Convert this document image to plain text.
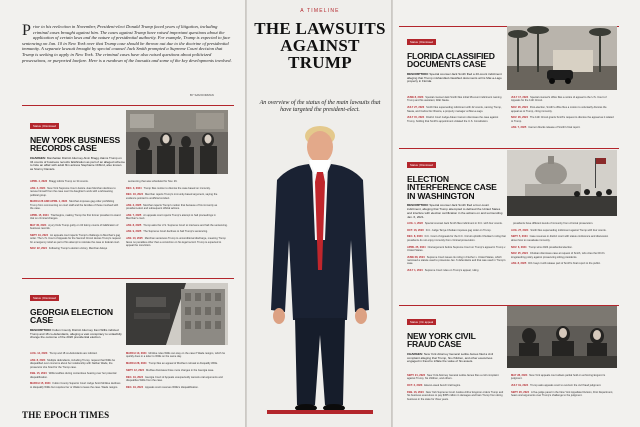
Prior to his reelection in November, President-elect Donald Trump faced years of litigation, including criminal cases brought against him. The cases against Trump have raised important questions about the application of certain laws and the nature of presidential authority. For example, Trump is expected to face sentencing on Jan. 10 in New York over that Trump case should be thrown out due to the doctrine of presidential immunity. A separate lawsuit brought by special counsel Jack Smith prompted a Supreme Court decision that Trump is seeking to apply in New York. The criminal cases have also raised questions about politicized prosecutions, or purported lawfare. Here is a rundown of the lawsuits and some of the key developments involved.
BY SAM DORMAN
Status | Dismissed
NEW YORK BUSINESS RECORDS CASE
CHARGES: Manhattan District Attorney Alvin Bragg claims Trump on 34 counts of business records falsification as part of an alleged scheme to hide an affair with adult film actress Stephanie Clifford, also known as Stormy Daniels.
APRIL 4, 2023 Bragg indicts Trump on 34 counts.
JAN. 4, 2024 New York Supreme Court Justice Juan Merchan declines to recuse himself from the case over his daughter's work with a left-leaning political group.
MARCH 26 AND APRIL 1, 2024 Merchan imposes gag order prohibiting Trump from commenting on court staff and the families of those involved with the case.
APRIL 15, 2024 Trial begins, making Trump the first former president to stand trial on criminal charges.
MAY 30, 2024 A jury finds Trump guilty on 34 felony counts of falsification of business records.
SEPT. 19, 2024 An appeals court rejects Trump's challenge to Merchan's gag order. The U.S. Court of Appeals for the Second Circuit denies Trump's request for emergency relief as part of his attempt to relocate the case to federal court.
NOV. 22, 2024 Following Trump's election victory, Merchan delays
sentencing that was scheduled for Nov. 26.
DEC. 3, 2024 Trump files motion to dismiss the case based on immunity.
DEC. 16, 2024 Merchan rejects Trump's immunity-based argument, saying the evidence pointed to unofficial conduct.
JAN. 3, 2025 Merchan rejects Trump's motion that because of his immunity as president-elect and subsequent official actions.
JAN. 7, 2025 An appeals court rejects Trump's attempt to halt proceedings in Merchan's court.
JAN. 8, 2025 Trump asks the U.S. Supreme Court to intervene and halt the sentencing.
JAN. 9, 2025 The Supreme Court declines to halt Trump's sentencing.
JAN. 10, 2025 Merchan sentences Trump to unconditional discharge, meaning Trump faces no penalties other than a conviction on his legal record. Trump is expected to appeal the conviction.
Status | Dismissed
GEORGIA ELECTION CASE
DESCRIPTION: Fulton County District Attorney Fani Willis indicted Trump and 18 co-defendants, alleging a vast conspiracy to unlawfully change the outcome of the 2020 presidential election.
AUG. 14, 2023 Trump and 18 co-defendants are indicted.
JAN. 8, 2024 Multiple defendants, including Trump, request that Willis be disqualified over concerns about her relationship with Nathan Wade, the prosecutor she hired for the Trump case.
FEB. 15, 2024 Willis testifies during contentious hearing over her potential disqualification.
MARCH 15, 2024 Fulton County Superior Court Judge Scott McAfee declines to disqualify Willis but requires her or Wade to leave the case. Wade resigns.
MARCH 13, 2024 McAfee rules Willis can stay on the case if Wade resigns, which he quickly does in a letter to Willis on the same day.
MARCH 28, 2024 Trump files an appeal of McAfee's refusal to disqualify Willis.
SEPT. 12, 2024 McAfee dismisses three more charges in the Georgia case.
DEC. 19, 2024 Georgia Court of Appeals unexpectedly cancels oral arguments and disqualifies Willis from the case.
DEC. 19, 2024 Appeals court reverses Willis's disqualification.
THE EPOCH TIMES
A TIMELINE
THE LAWSUITS AGAINST TRUMP
An overview of the status of the main lawsuits that have targeted the president-elect.
Status | Dismissed
FLORIDA CLASSIFIED DOCUMENTS CASE
DESCRIPTION: Special counsel Jack Smith filed a 40-count indictment alleging that Trump mishandled classified documents at his Mar-a-Lago property in Florida.
JUNE 8, 2023 Special counsel Jack Smith files initial 38-count indictment naming Trump and his assistant, Walt Nauta.
JULY 27, 2023 Smith files superseding indictment with 42 counts, naming Trump, Nauta, and Carlos De Oliveira, a property manager at Mar-a-Lago.
JULY 15, 2024 District Court Judge Aileen Cannon dismisses the case against Trump, holding that Smith's appointment violated the U.S. Constitution.
JULY 17, 2024 Special counsel's office files a notice of appeal to the U.S. Court of Appeals for the 11th Circuit.
NOV. 26, 2024 Post-election, Smith's office files a motion to voluntarily dismiss the appeal as to Trump, citing immunity.
NOV. 26, 2024 The 11th Circuit grants Smith's request to dismiss the appeal as it related to Trump.
JAN. 7, 2025 Cannon blocks release of Smith's final report.
Status | Dismissed
ELECTION INTERFERENCE CASE IN WASHINGTON
DESCRIPTION: Special counsel Jack Smith filed a four-count indictment, alleging that Trump attempted to defraud the United States and interfere with election certification in the actions on and surrounding Jan. 6, 2021.
AUG. 1, 2023 Special counsel Jack Smith files indictment in D.C. with four counts.
OCT. 16, 2023 D.C. Judge Tanya Chutkan imposes gag order on Trump.
DEC. 8, 2023 D.C. Court of Appeals for the D.C. Circuit upholds Chutkan's ruling that presidents do not enjoy immunity from criminal prosecution.
APRIL 25, 2024 Oral argument before Supreme Court on Trump's appeal in Trump v. United States.
JUNE 28, 2024 Supreme Court issues its ruling in Fischer v. United States, which narrowed a statute used to prosecute Jan. 6 defendants and that was used in Trump's case.
JULY 1, 2024 Supreme Court rules on Trump's appeal, ruling
presidents have different levels of immunity from criminal prosecution.
AUG. 27, 2024 Smith files superseding indictment against Trump with four counts.
SEPT. 5, 2024 Case resumes in district court with status conference and discussion about how to reevaluate immunity.
NOV. 6, 2024 Trump wins 2024 presidential election.
NOV. 25, 2024 Chutkan dismisses case at request of Smith, who cites the DOJ's longstanding policy against prosecuting sitting presidents.
JAN. 8, 2025 DOJ says it will release part of Smith's final report to the public.
Status | On appeal
NEW YORK CIVIL FRAUD CASE
CHARGES: New York Attorney General Letitia James filed a civil complaint alleging that Trump, his children, and other executives engaged in fraud to inflate the value of his assets.
SEPT. 21, 2022 New York Attorney General Letitia James files a civil complaint against Trump, his children, and others.
OCT. 2, 2023 Eleven-week bench trial begins.
FEB. 16, 2024 New York Supreme Court Justice Arthur Engoron orders Trump and his business executives to pay $355 million in damages and bars Trump from doing business in the state for three years.
MAY 28, 2024 New York appeals court allows partial hold on enforcing Engoron's judgment.
JULY 19, 2024 Trump asks appeals court to overturn the civil fraud judgment.
SEPT. 26, 2024 A five-judge panel in the New York Appellate Division, First Department, hears oral arguments over Trump's challenge to the judgment.
